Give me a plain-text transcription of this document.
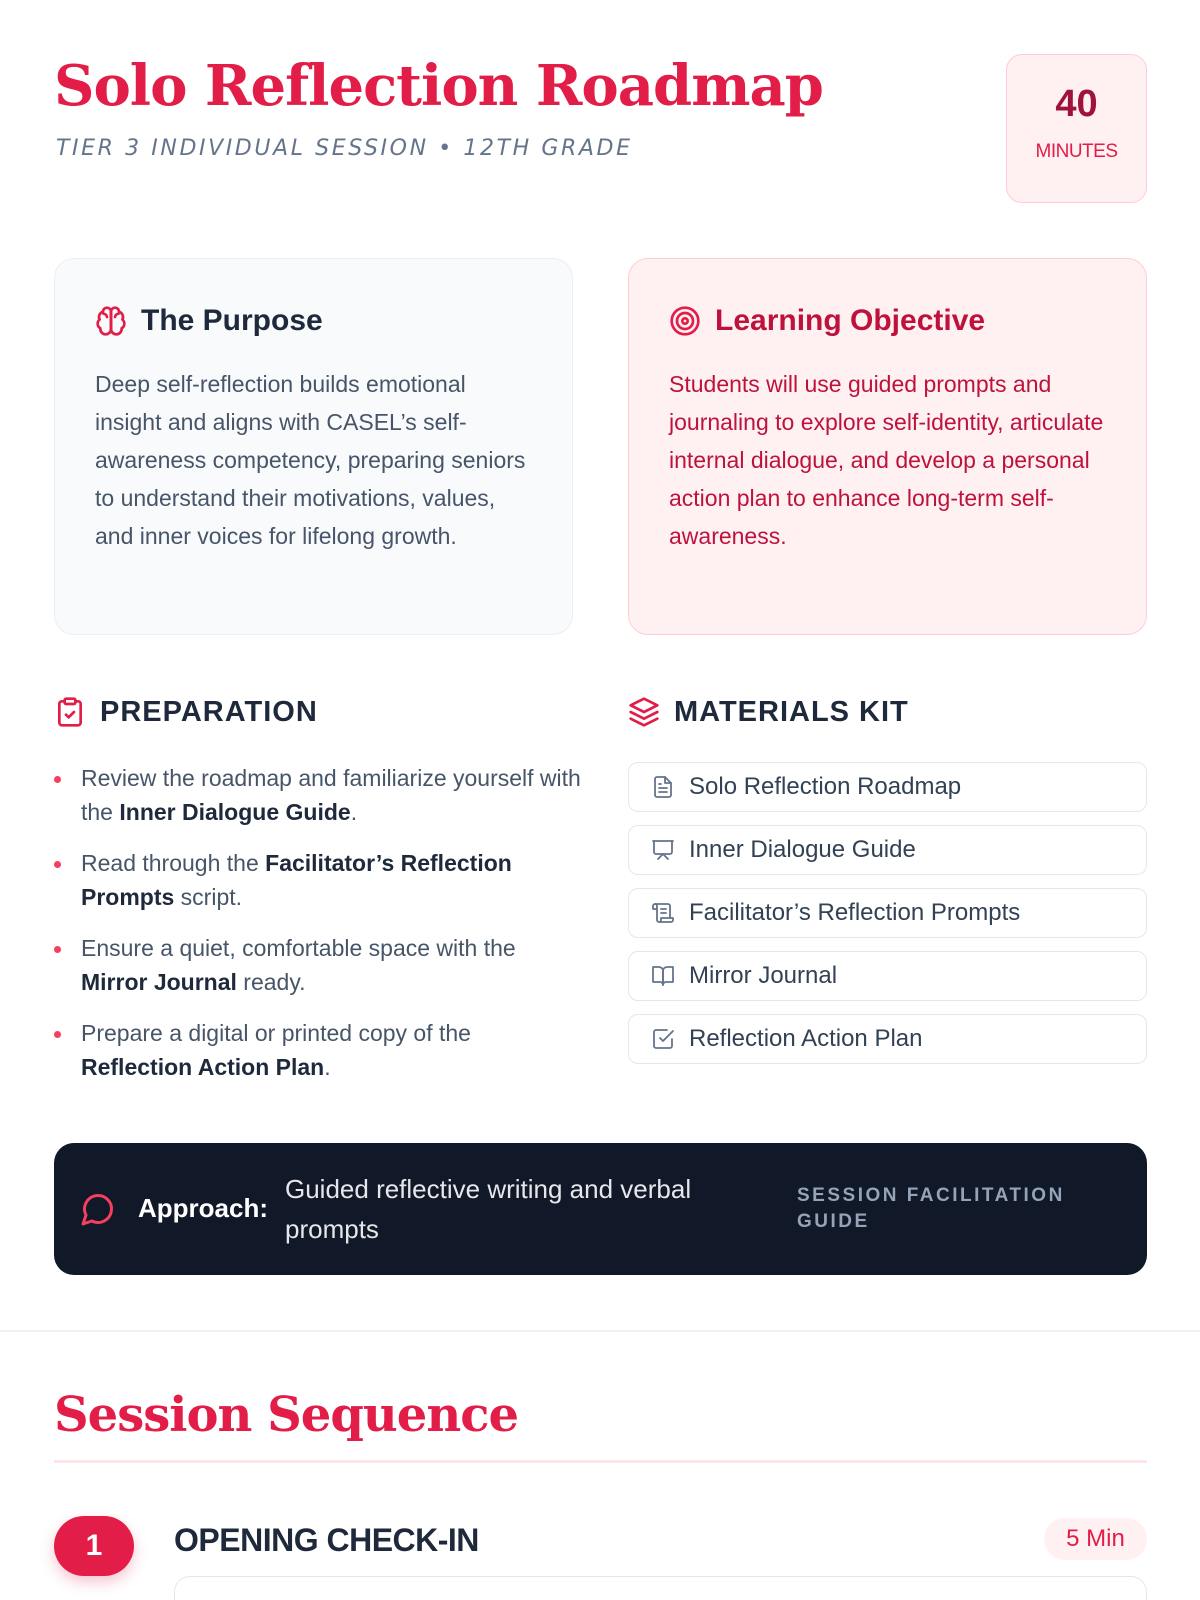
Solo Reflection Roadmap
TIER 3 INDIVIDUAL SESSION • 12TH GRADE
40
MINUTES
The Purpose

Deep self-reflection builds emotional insight and aligns with CASEL’s self-awareness competency, preparing seniors to understand their motivations, values, and inner voices for lifelong growth.

Learning Objective

Students will use guided prompts and journaling to explore self-identity, articulate internal dialogue, and develop a personal action plan to enhance long-term self-awareness.

PREPARATION
Review the roadmap and familiarize yourself with the Inner Dialogue Guide.
Read through the Facilitator’s Reflection Prompts script.
Ensure a quiet, comfortable space with the Mirror Journal ready.
Prepare a digital or printed copy of the Reflection Action Plan.
MATERIALS KIT
Solo Reflection Roadmap
Inner Dialogue Guide
Facilitator’s Reflection Prompts
Mirror Journal
Reflection Action Plan
Approach:
Guided reflective writing and verbal prompts
SESSION FACILITATION GUIDE
Session Sequence
1	OPENING CHECK-IN	5 Min
